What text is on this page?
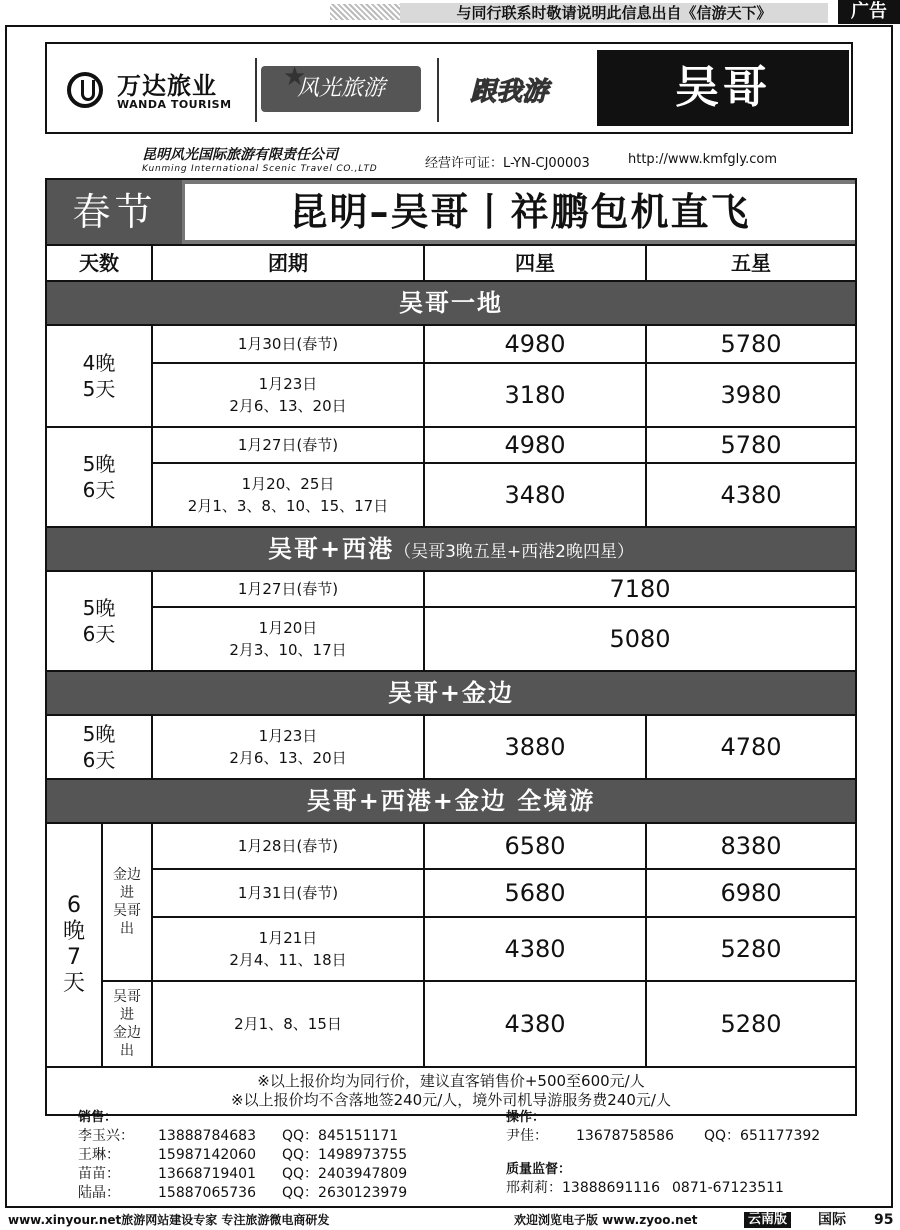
与同行联系时敬请说明此信息出自《信游天下》	广告
万达旅业
WANDA TOURISM
★
风光旅游	跟我游	吴哥
昆明风光国际旅游有限责任公司
Kunming International Scenic Travel CO.,LTD	经营许可证：L-YN-CJ00003	http://www.kmfgly.com
春节	昆明–吴哥丨祥鹏包机直飞
天数	团期	四星	五星
吴哥一地
4晚
5天
1月30日(春节)	4980	5780
1月23日
2月6、13、20日	3180	3980
5晚
6天
1月27日(春节)	4980	5780
1月20、25日
2月1、3、8、10、15、17日	3480	4380
吴哥+西港（吴哥3晚五星+西港2晚四星）
5晚
6天
1月27日(春节)	7180
1月20日
2月3、10、17日	5080
吴哥+金边
5晚
6天
1月23日
2月6、13、20日	3880	4780
吴哥+西港+金边 全境游
6
晚
7
天
金边
进
吴哥
出
1月28日(春节)	6580	8380
1月31日(春节)	5680	6980
1月21日
2月4、11、18日	4380	5280
吴哥
进
金边
出
2月1、8、15日	4380	5280
※以上报价均为同行价，建议直客销售价+500至600元/人
※以上报价均不含落地签240元/人，境外司机导游服务费240元/人
销售：
李玉兴： 13888784683 QQ：845151171
王琳：	15987142060 QQ：1498973755
苗苗：	13668719401 QQ：2403947809
陆晶：	15887065736 QQ：2630123979
操作：
尹佳： 13678758586 QQ：651177392
质量监督：
邢莉莉：13888691116 0871-67123511
www.xinyour.net旅游网站建设专家 专注旅游微电商研发	欢迎浏览电子版 www.zyoo.net	云南版 国际 95
